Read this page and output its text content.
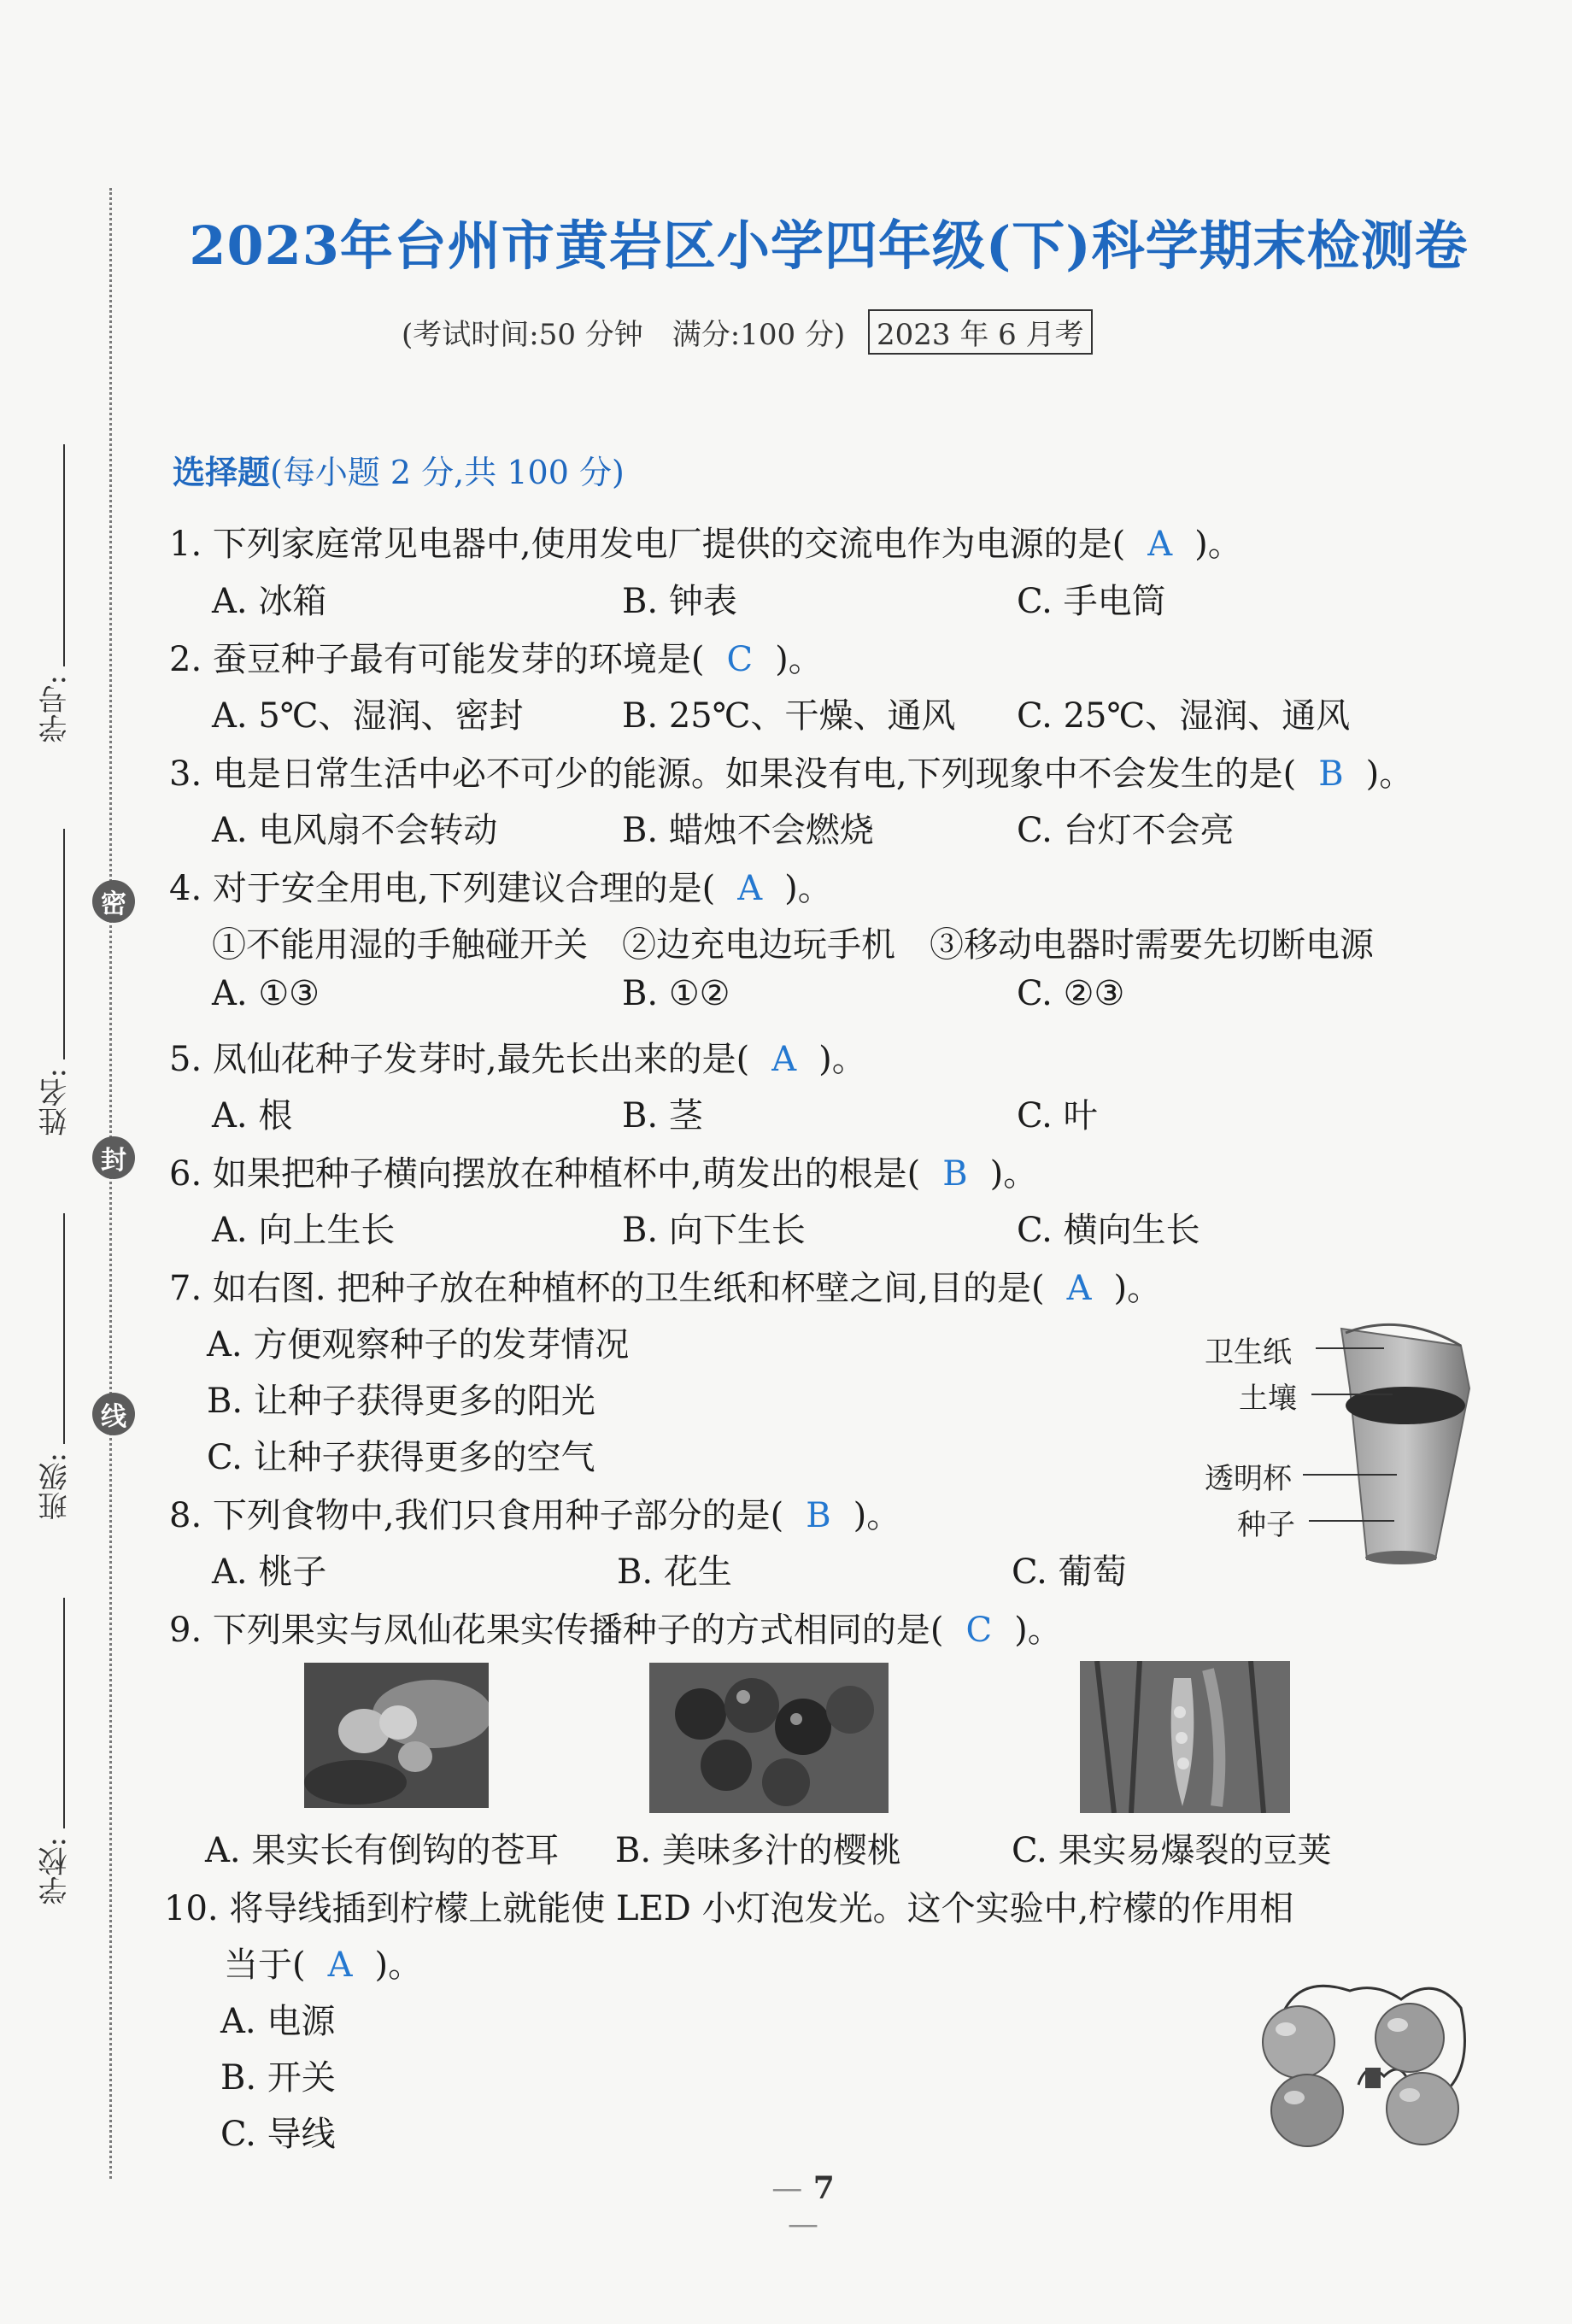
学号:
姓名:
班级:
学校:
密
封
线
2023年台州市黄岩区小学四年级(下)科学期末检测卷
(考试时间:50 分钟　满分:100 分) 2023 年 6 月考
选择题(每小题 2 分,共 100 分)
1. 下列家庭常见电器中,使用发电厂提供的交流电作为电源的是( A )。
A. 冰箱	B. 钟表	C. 手电筒
2. 蚕豆种子最有可能发芽的环境是( C )。
A. 5℃、湿润、密封	B. 25℃、干燥、通风 C. 25℃、湿润、通风
3. 电是日常生活中必不可少的能源。如果没有电,下列现象中不会发生的是( B )。
A. 电风扇不会转动	B. 蜡烛不会燃烧	C. 台灯不会亮
4. 对于安全用电,下列建议合理的是( A )。
①不能用湿的手触碰开关　②边充电边玩手机　③移动电器时需要先切断电源
A. ①③	B. ①②	C. ②③
5. 凤仙花种子发芽时,最先长出来的是( A )。
A. 根	B. 茎	C. 叶
6. 如果把种子横向摆放在种植杯中,萌发出的根是( B )。
A. 向上生长	B. 向下生长	C. 横向生长
7. 如右图. 把种子放在种植杯的卫生纸和杯壁之间,目的是( A )。
A. 方便观察种子的发芽情况
B. 让种子获得更多的阳光
C. 让种子获得更多的空气
卫生纸
土壤
透明杯
种子
8. 下列食物中,我们只食用种子部分的是( B )。
A. 桃子	B. 花生	C. 葡萄
9. 下列果实与凤仙花果实传播种子的方式相同的是( C )。
A. 果实长有倒钩的苍耳 B. 美味多汁的樱桃	C. 果实易爆裂的豆荚
10. 将导线插到柠檬上就能使 LED 小灯泡发光。这个实验中,柠檬的作用相
当于( A )。
A. 电源
B. 开关
C. 导线
— 7 —
